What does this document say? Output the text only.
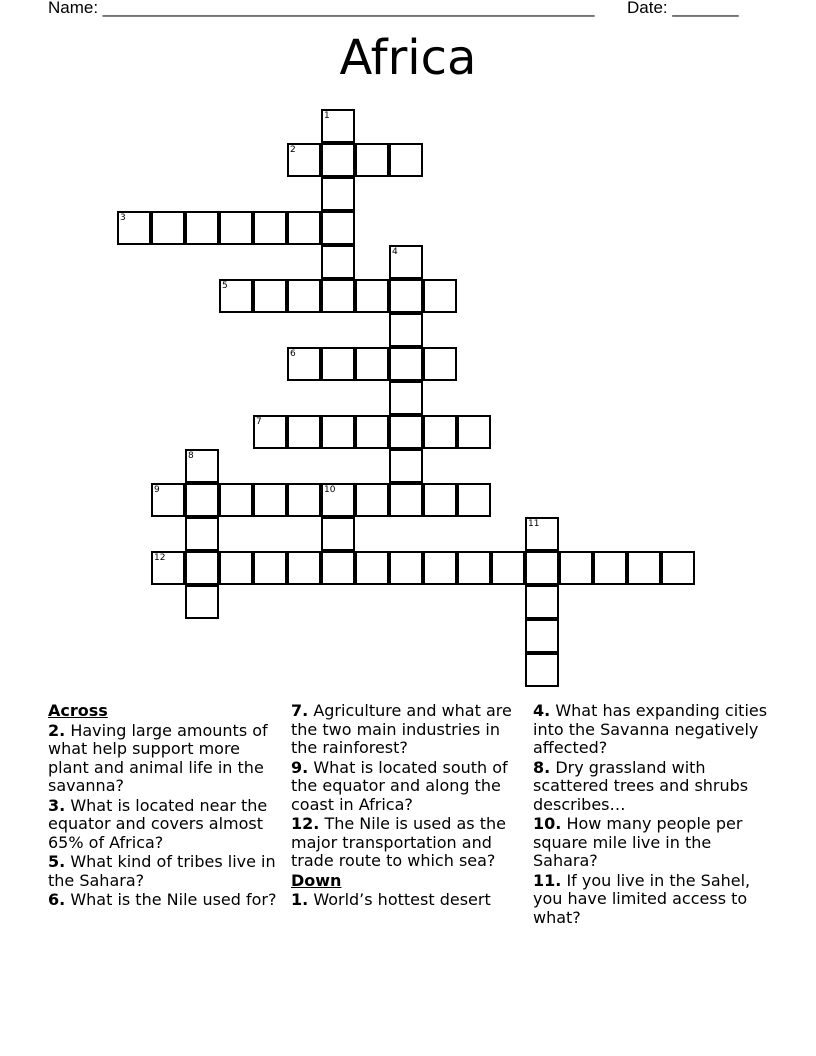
Name: ____________________________________________________ Date: _______
Africa
1
2
3
4
5
6
7
8
9	10
11
12
Across
2. Having large amounts of what help support more plant and animal life in the savanna?
3. What is located near the equator and covers almost 65% of Africa?
5. What kind of tribes live in the Sahara?
6. What is the Nile used for?
7. Agriculture and what are the two main industries in the rainforest?
9. What is located south of the equator and along the coast in Africa?
12. The Nile is used as the major transportation and trade route to which sea?
Down
1. World’s hottest desert
4. What has expanding cities into the Savanna negatively affected?
8. Dry grassland with scattered trees and shrubs describes…
10. How many people per square mile live in the Sahara?
11. If you live in the Sahel, you have limited access to what?
